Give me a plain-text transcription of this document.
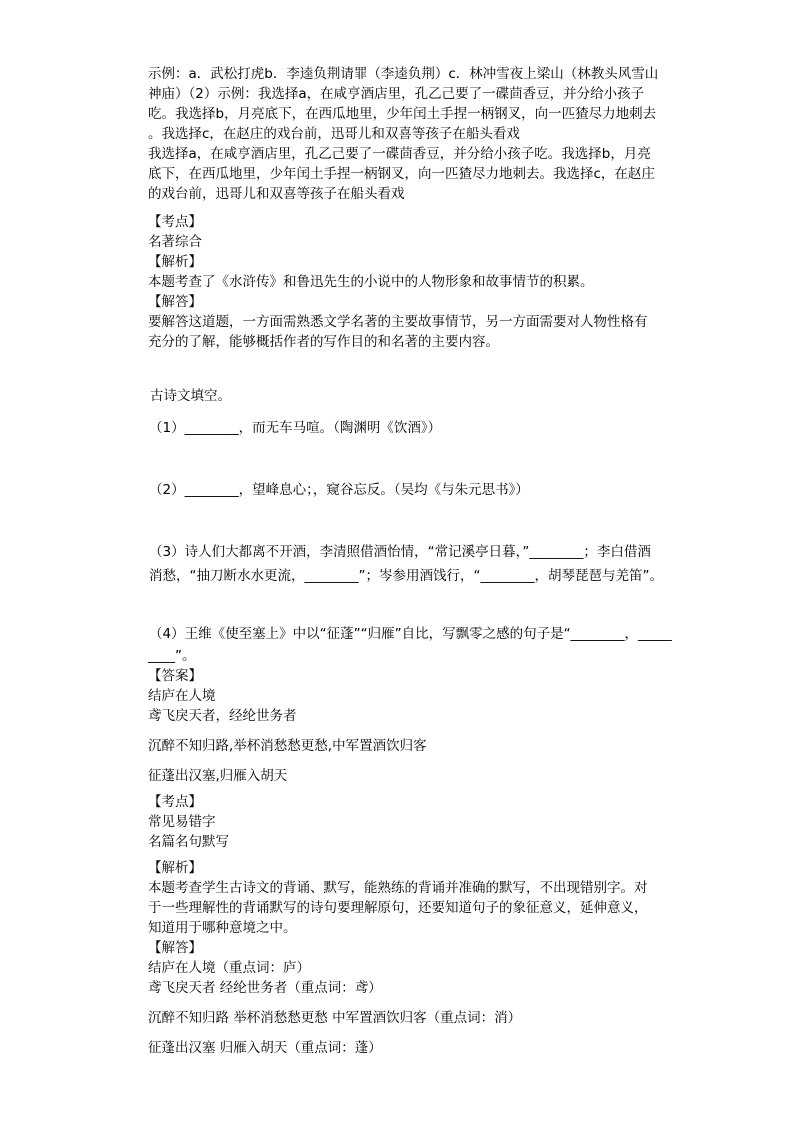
示例：a．武松打虎b．李逵负荆请罪（李逵负荆）c．林冲雪夜上梁山（林教头风雪山

神庙）（2）示例：我选择a，在咸亨酒店里，孔乙己要了一碟茴香豆，并分给小孩子

吃。我选择b，月亮底下，在西瓜地里，少年闰土手捏一柄钢叉，向一匹猹尽力地刺去

。我选择c，在赵庄的戏台前，迅哥儿和双喜等孩子在船头看戏

我选择a，在咸亨酒店里，孔乙己要了一碟茴香豆，并分给小孩子吃。我选择b，月亮

底下，在西瓜地里，少年闰土手捏一柄钢叉，向一匹猹尽力地刺去。我选择c，在赵庄

的戏台前，迅哥儿和双喜等孩子在船头看戏

【考点】

名著综合

【解析】

本题考查了《水浒传》和鲁迅先生的小说中的人物形象和故事情节的积累。

【解答】

要解答这道题，一方面需熟悉文学名著的主要故事情节，另一方面需要对人物性格有

充分的了解，能够概括作者的写作目的和名著的主要内容。

古诗文填空。

（1）________，而无车马喧。（陶渊明《饮酒》）

（2）________，望峰息心；，窥谷忘反。（吴均《与朱元思书》）

（3）诗人们大都离不开酒，李清照借酒怡情，“常记溪亭日暮，”________；李白借酒

消愁，“抽刀断水水更流，________”；岑参用酒饯行，“________，胡琴琵琶与羌笛”。

（4）王维《使至塞上》中以“征蓬”“归雁”自比，写飘零之感的句子是“________，_____

____”。

【答案】

结庐在人境

鸢飞戾天者，经纶世务者

沉醉不知归路,举杯消愁愁更愁,中军置酒饮归客

征蓬出汉塞,归雁入胡天

【考点】

常见易错字

名篇名句默写

【解析】

本题考查学生古诗文的背诵、默写，能熟练的背诵并准确的默写，不出现错别字。对

于一些理解性的背诵默写的诗句要理解原句，还要知道句子的象征意义，延伸意义，

知道用于哪种意境之中。

【解答】

结庐在人境（重点词：庐）

鸢飞戾天者 经纶世务者（重点词：鸢）

沉醉不知归路 举杯消愁愁更愁 中军置酒饮归客（重点词：消）

征蓬出汉塞 归雁入胡天（重点词：蓬）
